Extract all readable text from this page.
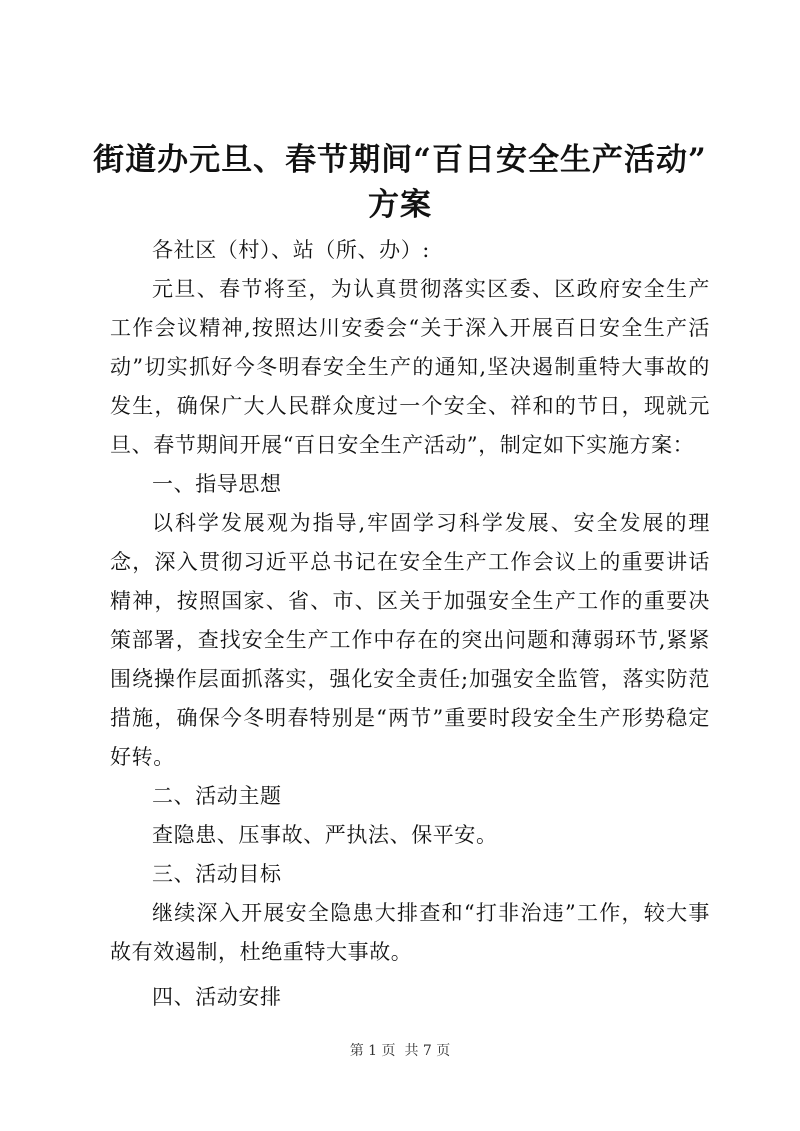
街道办元旦、春节期间“百日安全生产活动”
方案

各社区（村）、站（所、办）:

元旦、春节将至，为认真贯彻落实区委、区政府安全生产工作会议精神,按照达川安委会“关于深入开展百日安全生产活动”切实抓好今冬明春安全生产的通知,坚决遏制重特大事故的发生，确保广大人民群众度过一个安全、祥和的节日，现就元旦、春节期间开展“百日安全生产活动”，制定如下实施方案：

一、指导思想

以科学发展观为指导,牢固学习科学发展、安全发展的理念，深入贯彻习近平总书记在安全生产工作会议上的重要讲话精神，按照国家、省、市、区关于加强安全生产工作的重要决策部署，查找安全生产工作中存在的突出问题和薄弱环节,紧紧围绕操作层面抓落实，强化安全责任;加强安全监管，落实防范措施，确保今冬明春特别是“两节”重要时段安全生产形势稳定好转。

二、活动主题

查隐患、压事故、严执法、保平安。

三、活动目标

继续深入开展安全隐患大排查和“打非治违”工作，较大事故有效遏制，杜绝重特大事故。

四、活动安排

第 1 页  共 7 页
